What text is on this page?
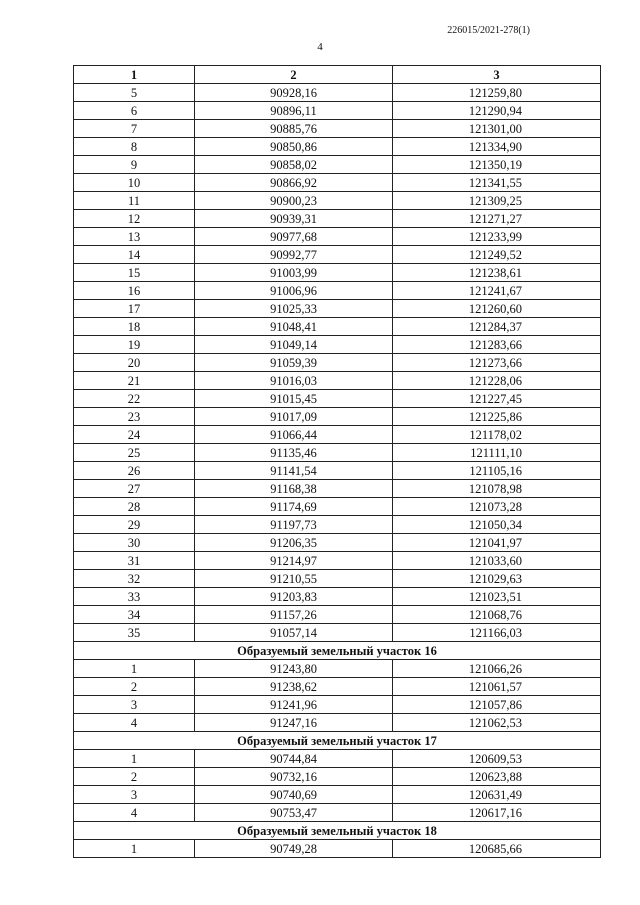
226015/2021-278(1)
4
1	2	3
5	90928,16	121259,80
6	90896,11	121290,94
7	90885,76	121301,00
8	90850,86	121334,90
9	90858,02	121350,19
10	90866,92	121341,55
11	90900,23	121309,25
12	90939,31	121271,27
13	90977,68	121233,99
14	90992,77	121249,52
15	91003,99	121238,61
16	91006,96	121241,67
17	91025,33	121260,60
18	91048,41	121284,37
19	91049,14	121283,66
20	91059,39	121273,66
21	91016,03	121228,06
22	91015,45	121227,45
23	91017,09	121225,86
24	91066,44	121178,02
25	91135,46	121111,10
26	91141,54	121105,16
27	91168,38	121078,98
28	91174,69	121073,28
29	91197,73	121050,34
30	91206,35	121041,97
31	91214,97	121033,60
32	91210,55	121029,63
33	91203,83	121023,51
34	91157,26	121068,76
35	91057,14	121166,03
Образуемый земельный участок 16		
1	91243,80	121066,26
2	91238,62	121061,57
3	91241,96	121057,86
4	91247,16	121062,53
Образуемый земельный участок 17		
1	90744,84	120609,53
2	90732,16	120623,88
3	90740,69	120631,49
4	90753,47	120617,16
Образуемый земельный участок 18		
1	90749,28	120685,66
